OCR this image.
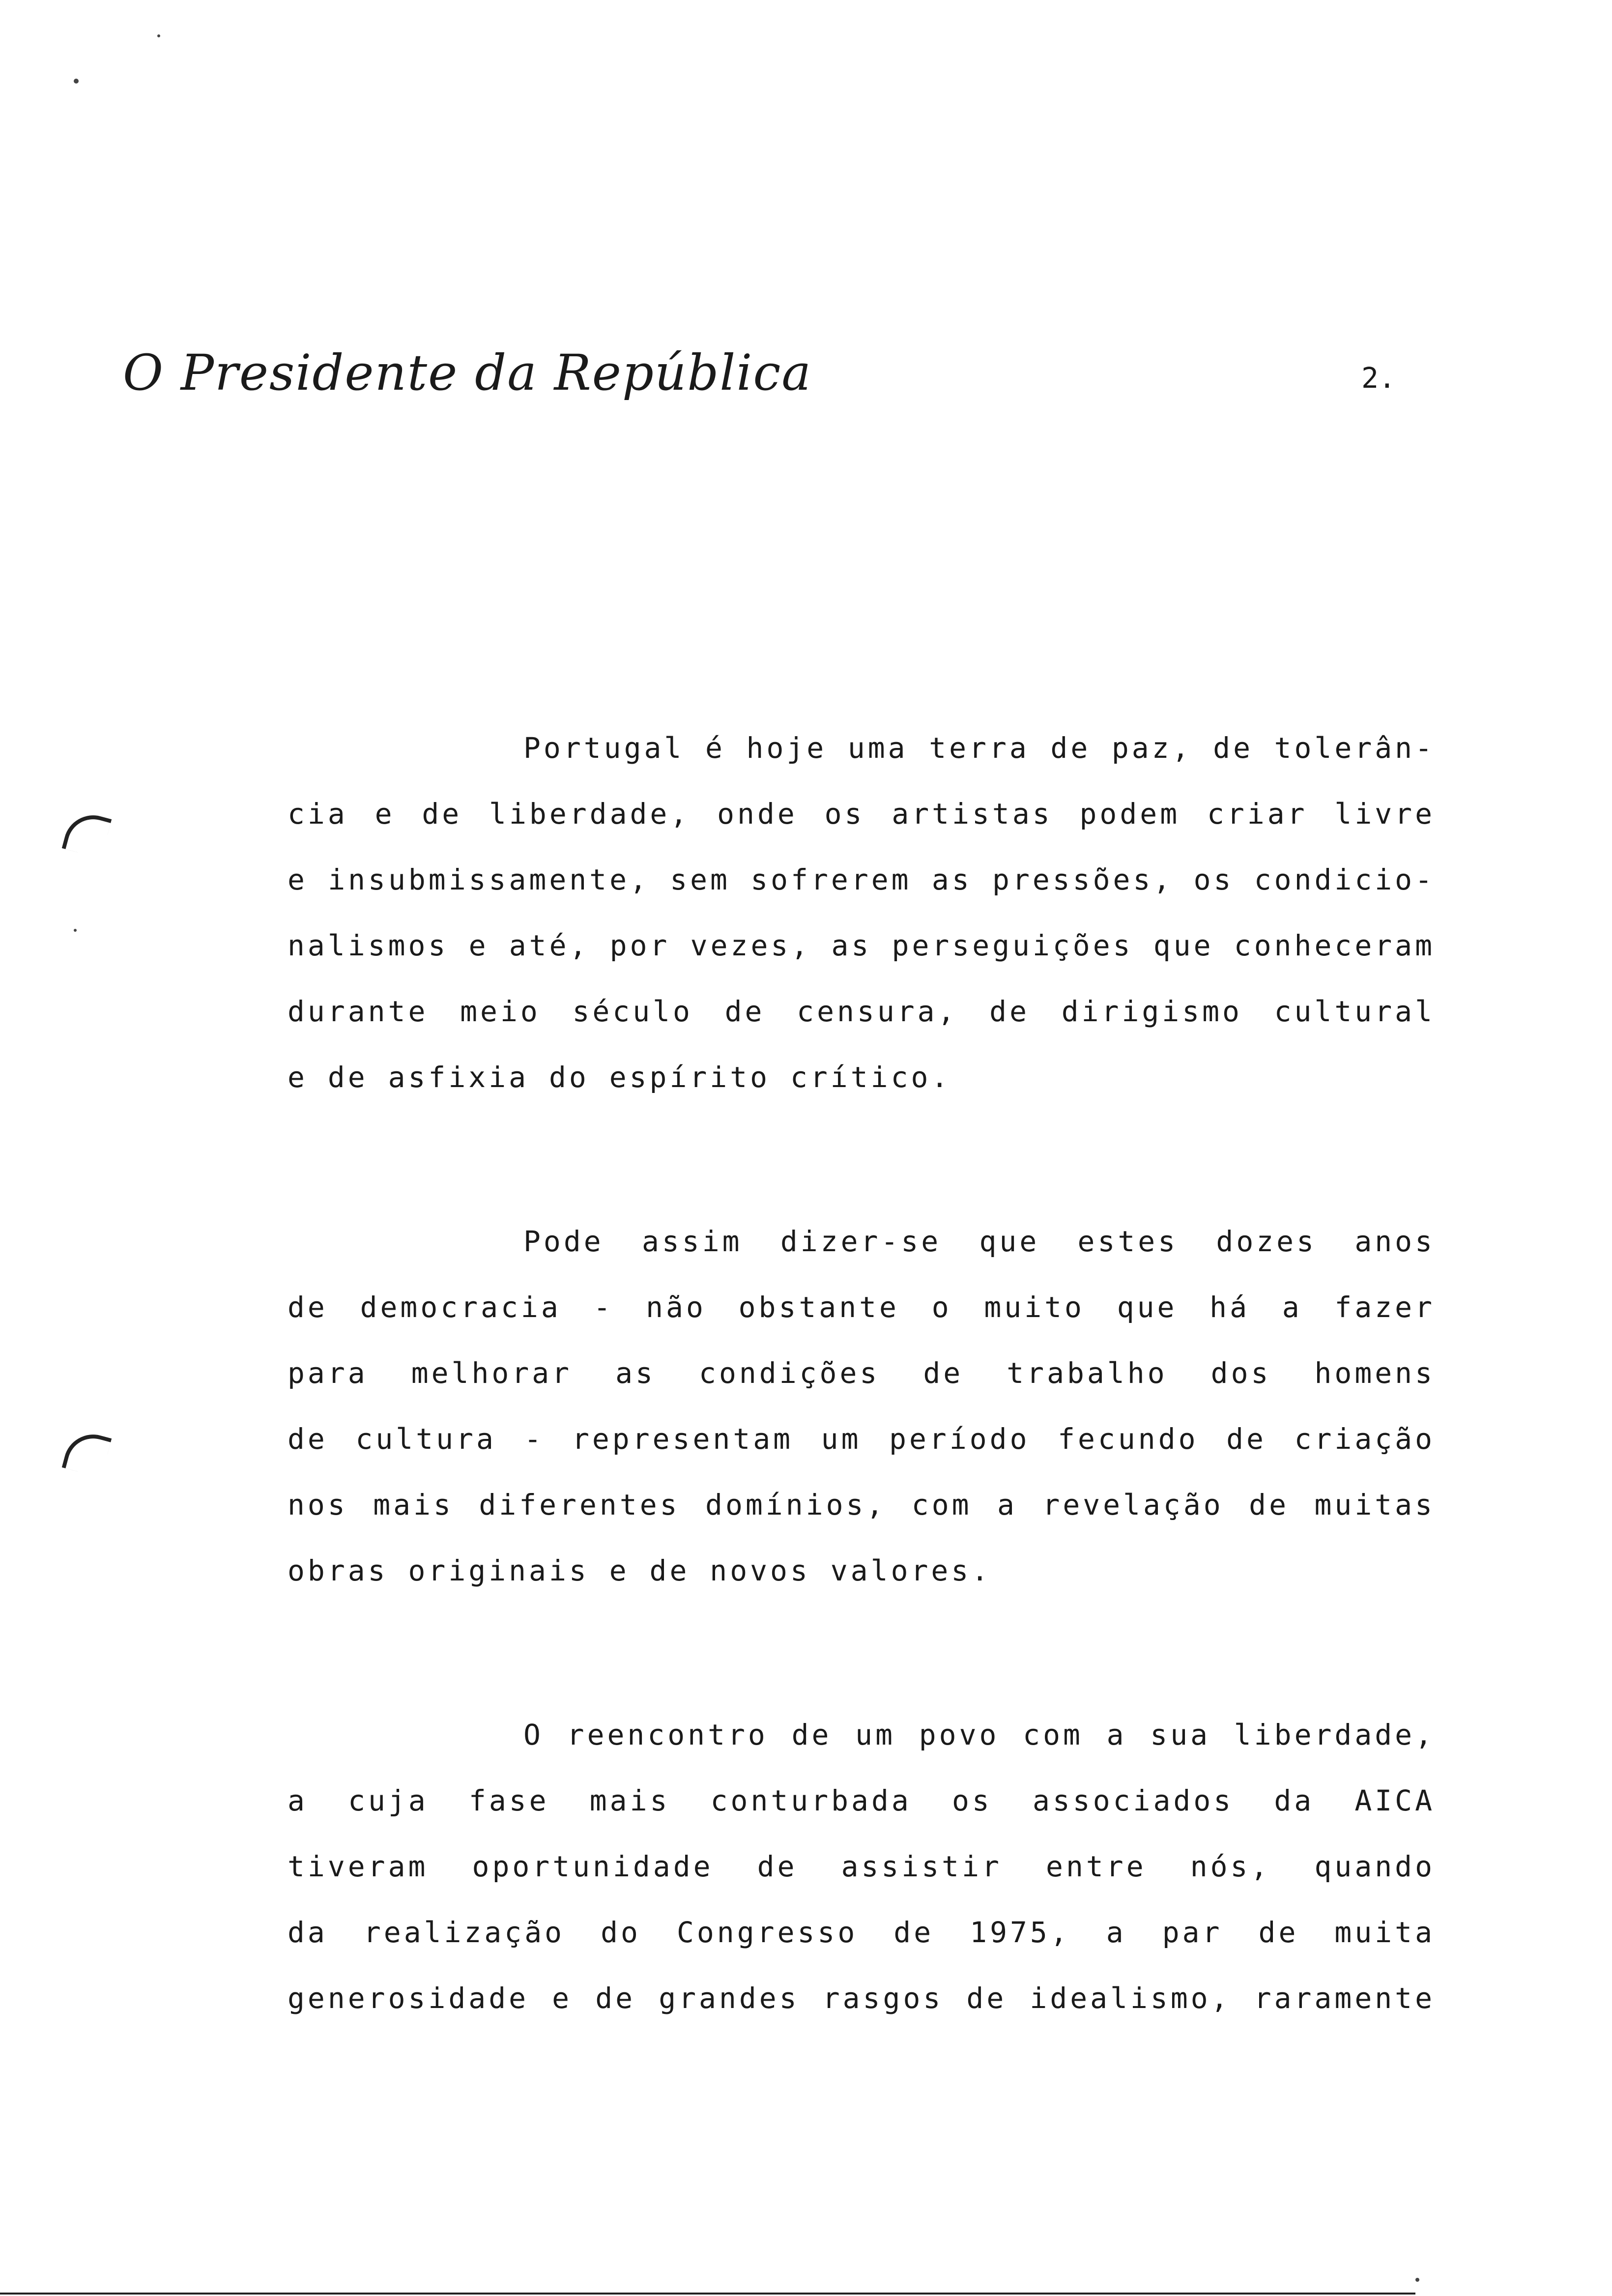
O Presidente da República	2.

Portugal é hoje uma terra de paz, de tolerân-
cia e de liberdade, onde os artistas podem criar livre
e insubmissamente, sem sofrerem as pressões, os condicio-
nalismos e até, por vezes, as perseguições que conheceram
durante meio século de censura, de dirigismo cultural
e de asfixia do espírito crítico.

Pode assim dizer-se que estes dozes anos
de democracia - não obstante o muito que há a fazer
para melhorar as condições de trabalho dos homens
de cultura - representam um período fecundo de criação
nos mais diferentes domínios, com a revelação de muitas
obras originais e de novos valores.

O reencontro de um povo com a sua liberdade,
a cuja fase mais conturbada os associados da AICA
tiveram oportunidade de assistir entre nós, quando
da realização do Congresso de 1975, a par de muita
generosidade e de grandes rasgos de idealismo, raramente
